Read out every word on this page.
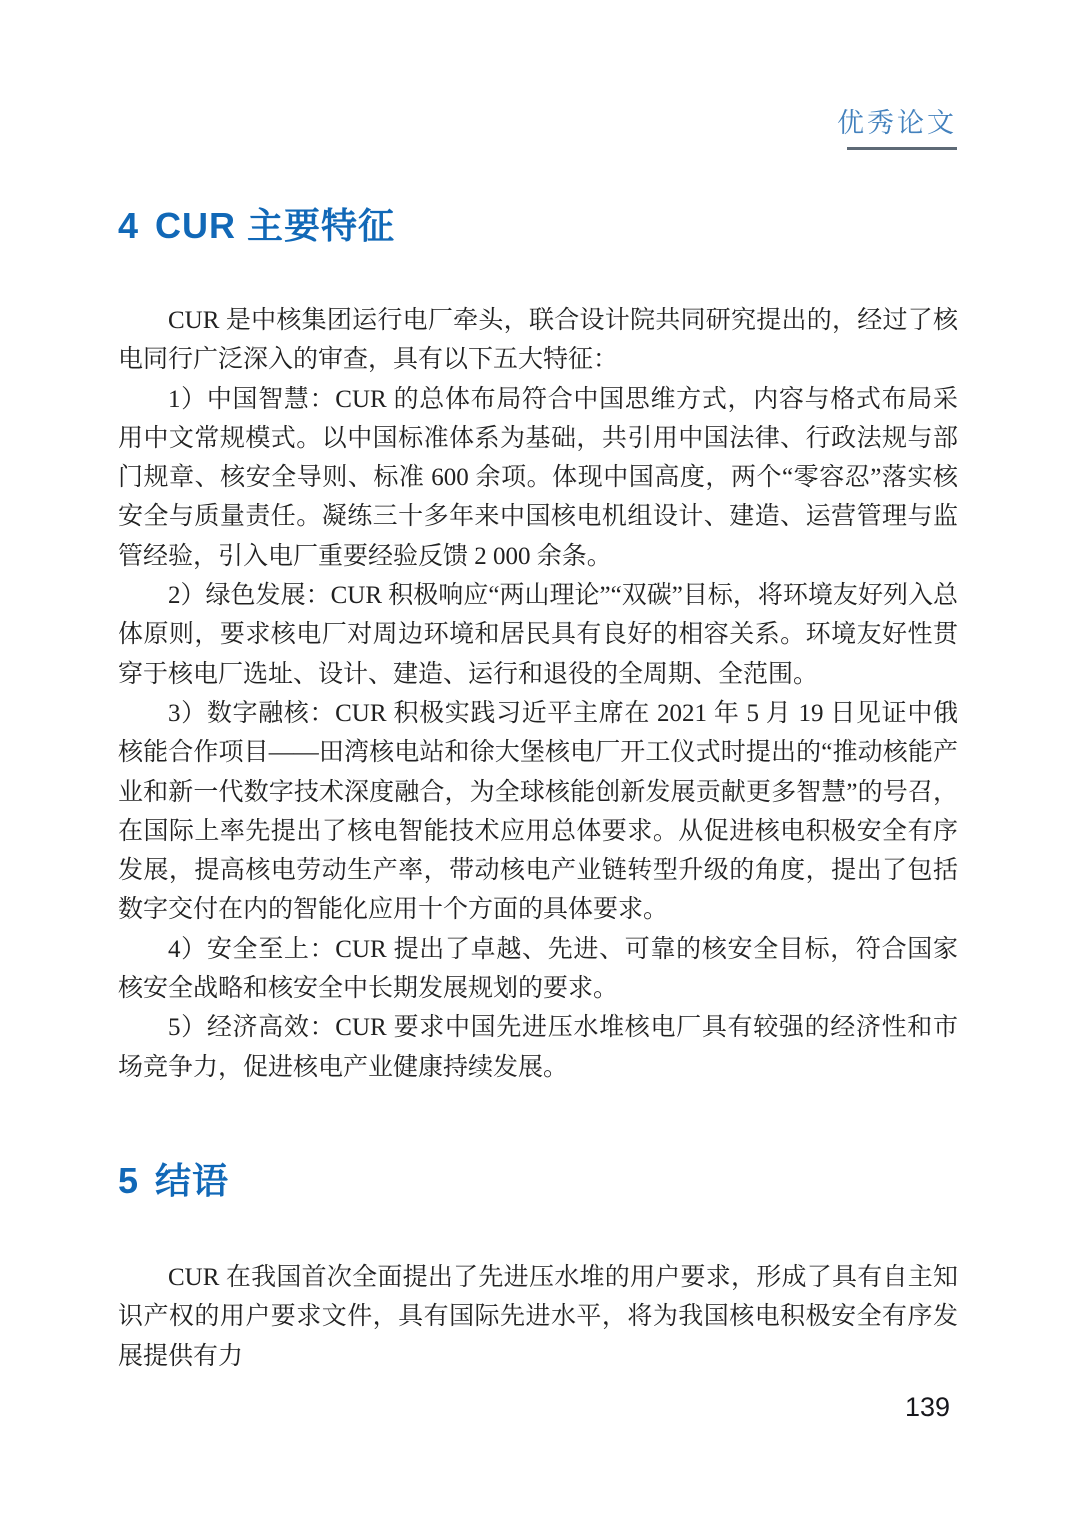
优秀论文
4 CUR 主要特征

CUR 是中核集团运行电厂牵头，联合设计院共同研究提出的，经过了核电同行广泛深入的审查，具有以下五大特征：

1）中国智慧：CUR 的总体布局符合中国思维方式，内容与格式布局采用中文常规模式。以中国标准体系为基础，共引用中国法律、行政法规与部门规章、核安全导则、标准 600 余项。体现中国高度，两个“零容忍”落实核安全与质量责任。凝练三十多年来中国核电机组设计、建造、运营管理与监管经验，引入电厂重要经验反馈 2 000 余条。

2）绿色发展：CUR 积极响应“两山理论”“双碳”目标，将环境友好列入总体原则，要求核电厂对周边环境和居民具有良好的相容关系。环境友好性贯穿于核电厂选址、设计、建造、运行和退役的全周期、全范围。

3）数字融核：CUR 积极实践习近平主席在 2021 年 5 月 19 日见证中俄核能合作项目——田湾核电站和徐大堡核电厂开工仪式时提出的“推动核能产业和新一代数字技术深度融合，为全球核能创新发展贡献更多智慧”的号召，在国际上率先提出了核电智能技术应用总体要求。从促进核电积极安全有序发展，提高核电劳动生产率，带动核电产业链转型升级的角度，提出了包括数字交付在内的智能化应用十个方面的具体要求。

4）安全至上：CUR 提出了卓越、先进、可靠的核安全目标，符合国家核安全战略和核安全中长期发展规划的要求。

5）经济高效：CUR 要求中国先进压水堆核电厂具有较强的经济性和市场竞争力，促进核电产业健康持续发展。

5 结语

CUR 在我国首次全面提出了先进压水堆的用户要求，形成了具有自主知识产权的用户要求文件，具有国际先进水平，将为我国核电积极安全有序发展提供有力

139
